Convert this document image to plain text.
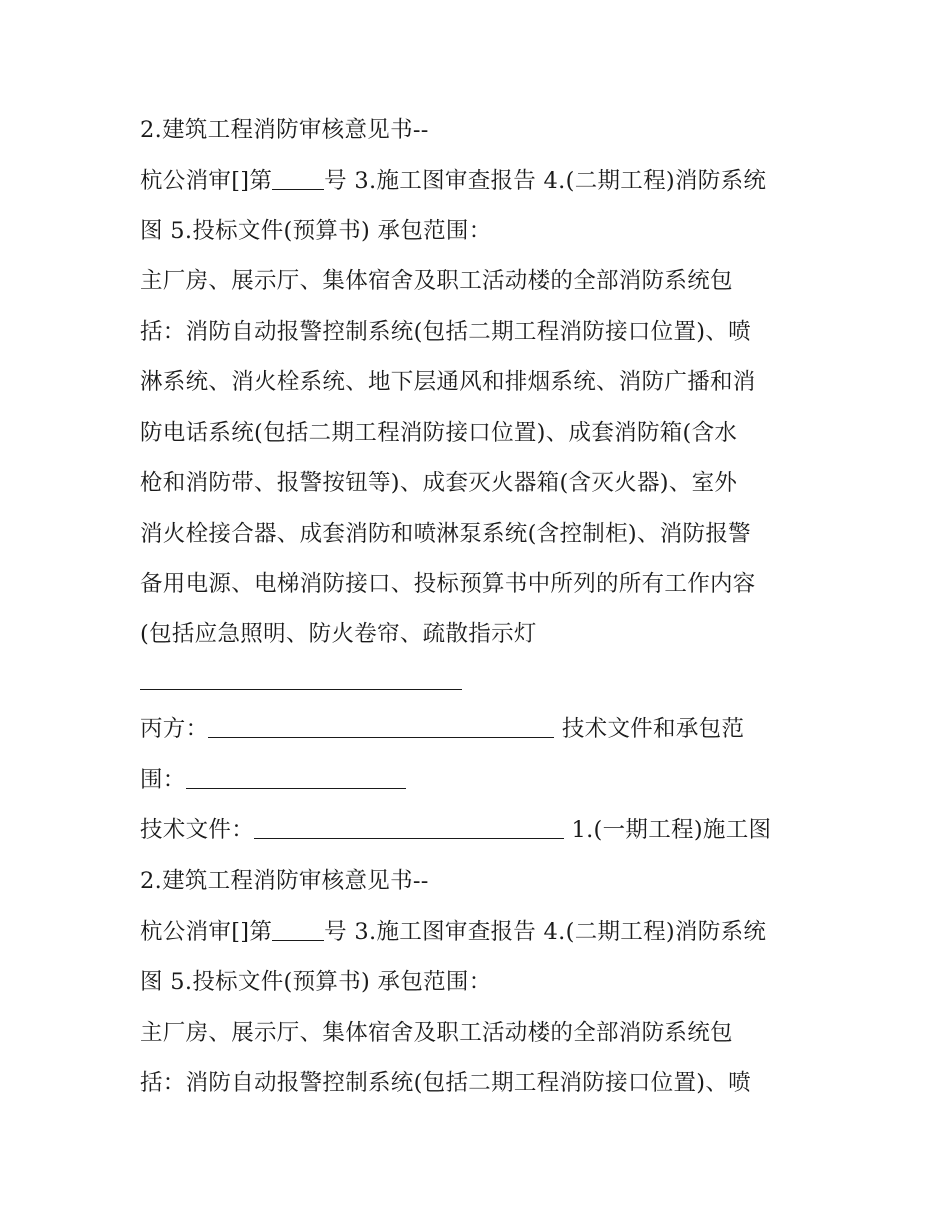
2.建筑工程消防审核意见书--
杭公消审[]第 号 3.施工图审查报告 4.(二期工程)消防系统
图 5.投标文件(预算书) 承包范围：
主厂房、展示厅、集体宿舍及职工活动楼的全部消防系统包
括：消防自动报警控制系统(包括二期工程消防接口位置)、喷
淋系统、消火栓系统、地下层通风和排烟系统、消防广播和消
防电话系统(包括二期工程消防接口位置)、成套消防箱(含水
枪和消防带、报警按钮等)、成套灭火器箱(含灭火器)、室外
消火栓接合器、成套消防和喷淋泵系统(含控制柜)、消防报警
备用电源、电梯消防接口、投标预算书中所列的所有工作内容
(包括应急照明、防火卷帘、疏散指示灯
丙方：	技术文件和承包范
围：
技术文件：	1.(一期工程)施工图
2.建筑工程消防审核意见书--
杭公消审[]第 号 3.施工图审查报告 4.(二期工程)消防系统
图 5.投标文件(预算书) 承包范围：
主厂房、展示厅、集体宿舍及职工活动楼的全部消防系统包
括：消防自动报警控制系统(包括二期工程消防接口位置)、喷
